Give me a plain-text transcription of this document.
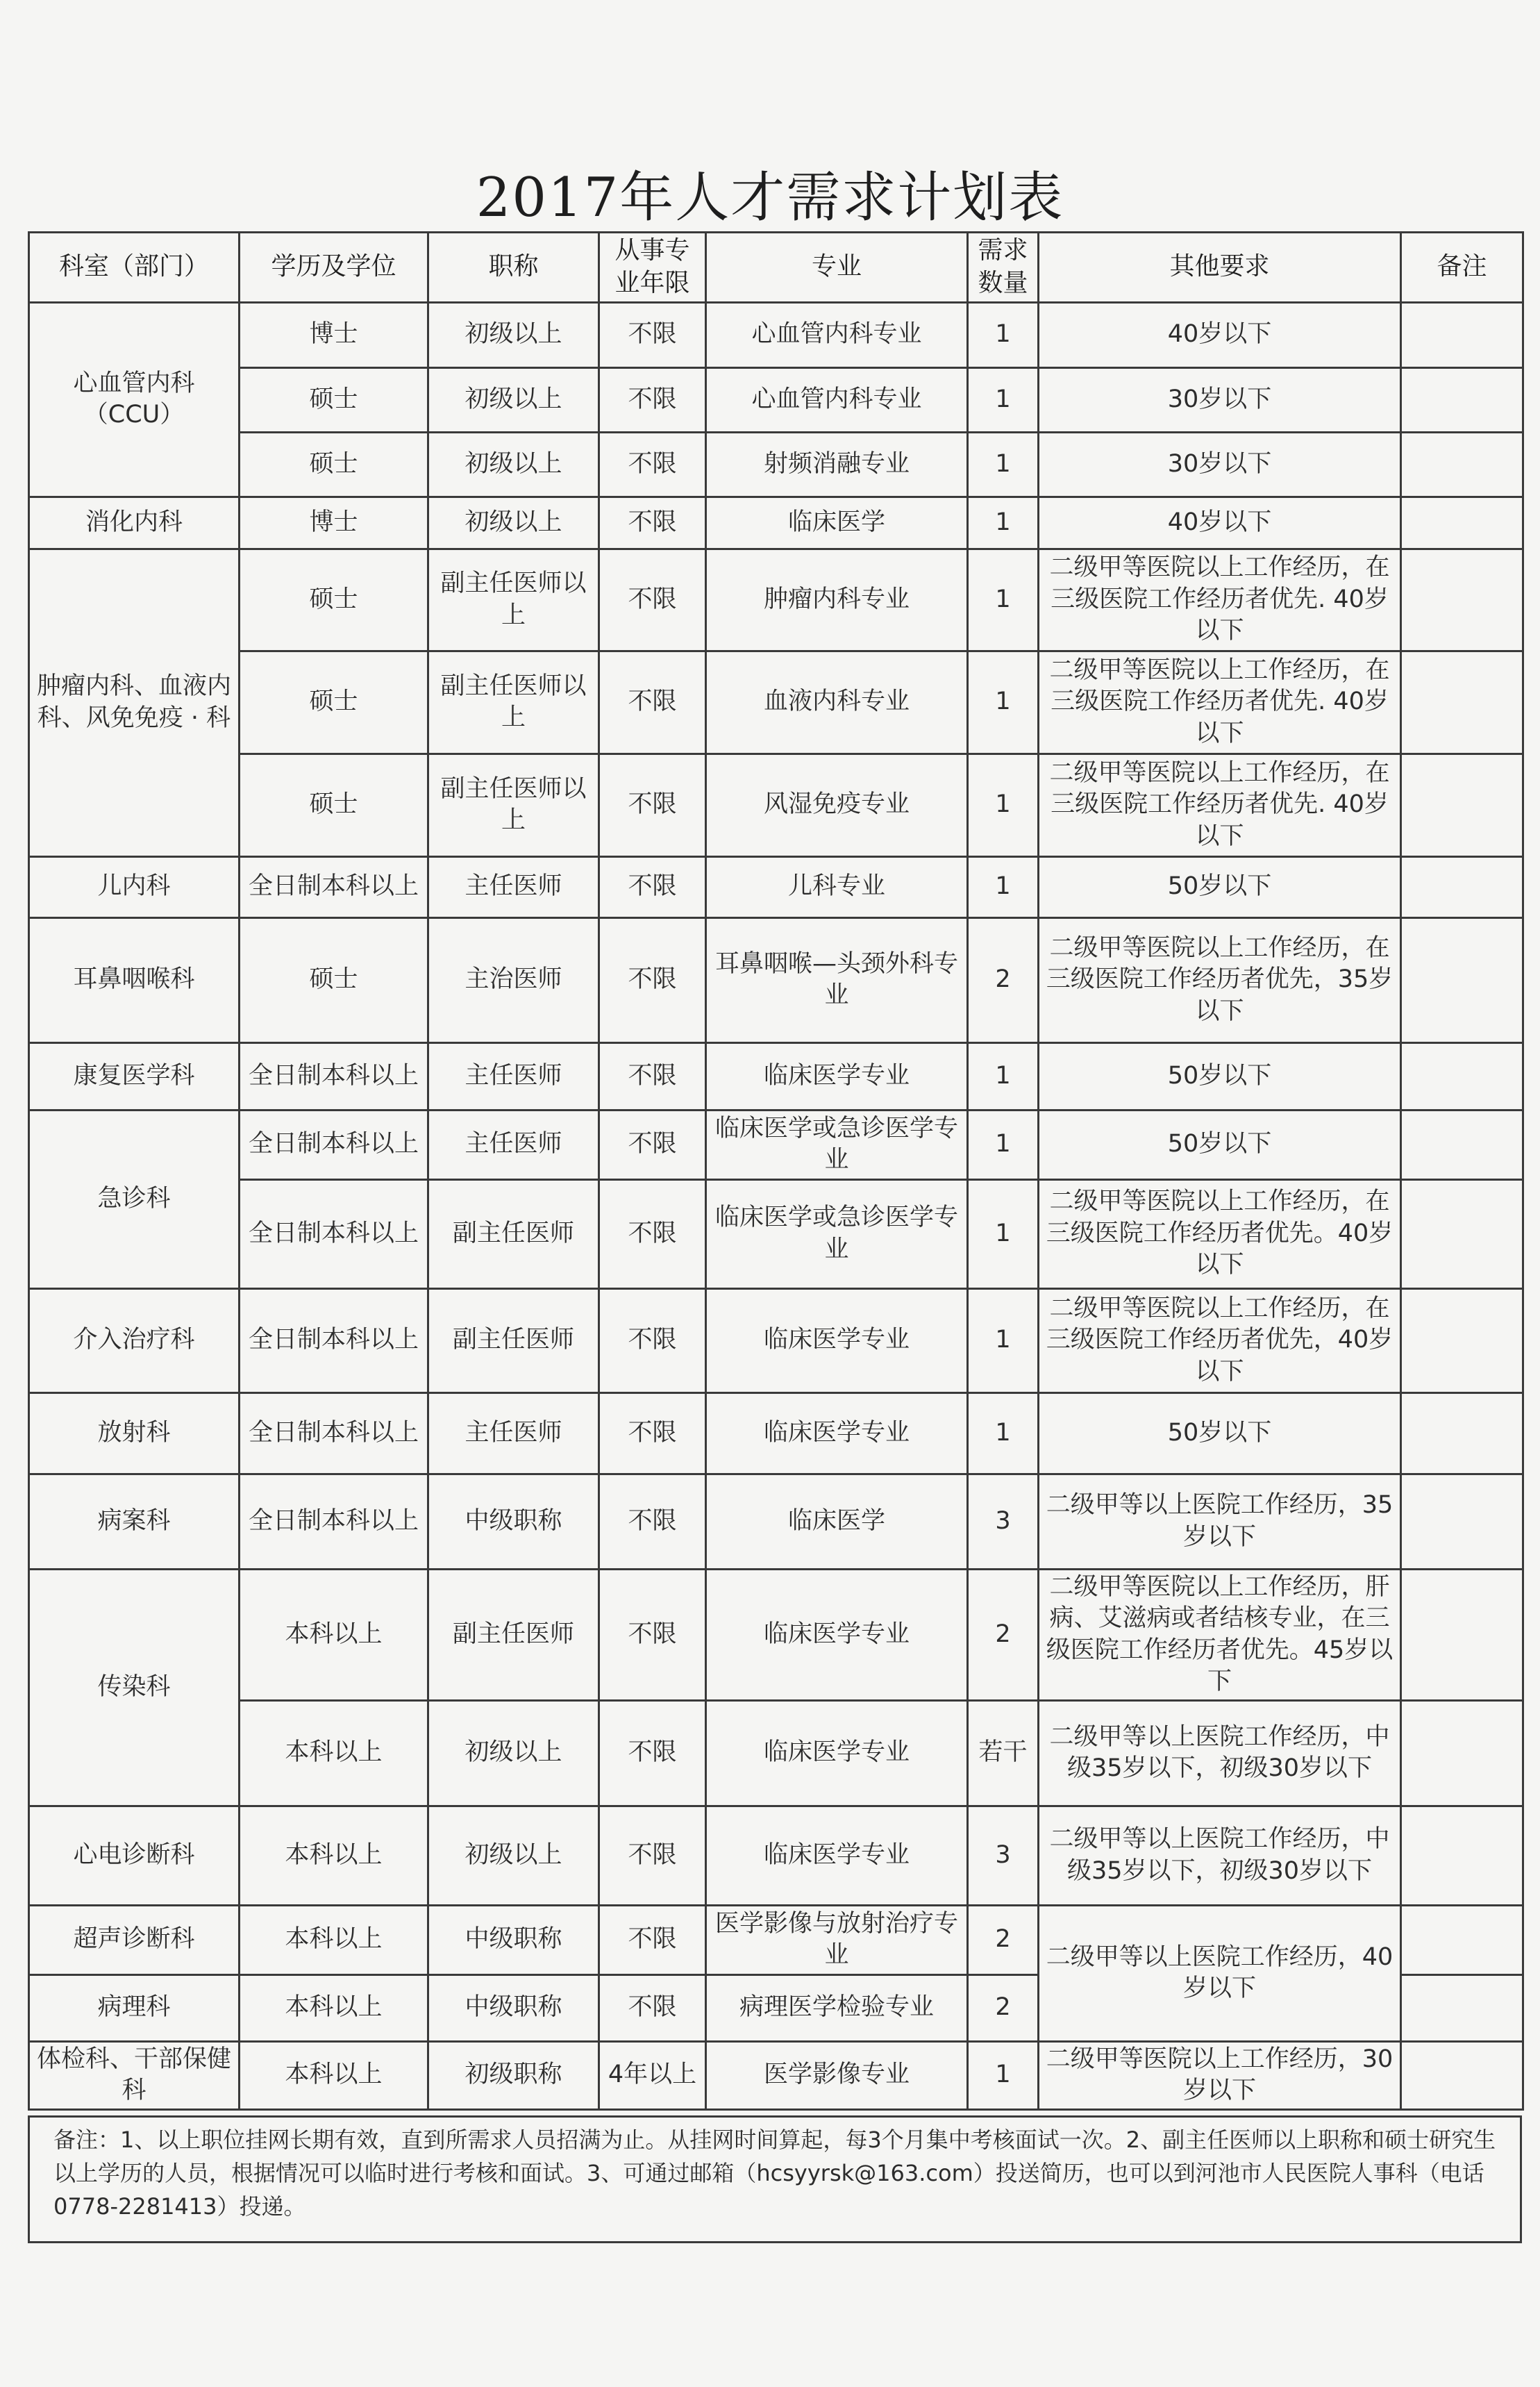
2017年人才需求计划表
科室（部门）	学历及学位	职称	从事专业年限	专业	需求数量	其他要求	备注
心血管内科（CCU）	博士	初级以上	不限	心血管内科专业	1	40岁以下	
	硕士	初级以上	不限	心血管内科专业	1	30岁以下	
	硕士	初级以上	不限	射频消融专业	1	30岁以下	
消化内科	博士	初级以上	不限	临床医学	1	40岁以下	
肿瘤内科、血液内科、风免免疫 · 科	硕士	副主任医师以上	不限	肿瘤内科专业	1	二级甲等医院以上工作经历，在三级医院工作经历者优先. 40岁以下	
	硕士	副主任医师以上	不限	血液内科专业	1	二级甲等医院以上工作经历，在三级医院工作经历者优先. 40岁以下	
	硕士	副主任医师以上	不限	风湿免疫专业	1	二级甲等医院以上工作经历，在三级医院工作经历者优先. 40岁以下	
儿内科	全日制本科以上	主任医师	不限	儿科专业	1	50岁以下	
耳鼻咽喉科	硕士	主治医师	不限	耳鼻咽喉—头颈外科专业	2	二级甲等医院以上工作经历，在三级医院工作经历者优先，35岁以下	
康复医学科	全日制本科以上	主任医师	不限	临床医学专业	1	50岁以下	
急诊科	全日制本科以上	主任医师	不限	临床医学或急诊医学专业	1	50岁以下	
	全日制本科以上	副主任医师	不限	临床医学或急诊医学专业	1	二级甲等医院以上工作经历，在三级医院工作经历者优先。40岁以下	
介入治疗科	全日制本科以上	副主任医师	不限	临床医学专业	1	二级甲等医院以上工作经历，在三级医院工作经历者优先，40岁以下	
放射科	全日制本科以上	主任医师	不限	临床医学专业	1	50岁以下	
病案科	全日制本科以上	中级职称	不限	临床医学	3	二级甲等以上医院工作经历，35岁以下	
传染科	本科以上	副主任医师	不限	临床医学专业	2	二级甲等医院以上工作经历，肝病、艾滋病或者结核专业，在三级医院工作经历者优先。45岁以下	
	本科以上	初级以上	不限	临床医学专业	若干	二级甲等以上医院工作经历，中级35岁以下，初级30岁以下	
心电诊断科	本科以上	初级以上	不限	临床医学专业	3	二级甲等以上医院工作经历，中级35岁以下，初级30岁以下	
超声诊断科	本科以上	中级职称	不限	医学影像与放射治疗专业	2	二级甲等以上医院工作经历，40岁以下	
病理科	本科以上	中级职称	不限	病理医学检验专业	2		
体检科、干部保健科	本科以上	初级职称	4年以上	医学影像专业	1	二级甲等医院以上工作经历，30岁以下	
备注：1、以上职位挂网长期有效，直到所需求人员招满为止。从挂网时间算起，每3个月集中考核面试一次。2、副主任医师以上职称和硕士研究生以上学历的人员，根据情况可以临时进行考核和面试。3、可通过邮箱（hcsyyrsk@163.com）投送简历，也可以到河池市人民医院人事科（电话0778-2281413）投递。
